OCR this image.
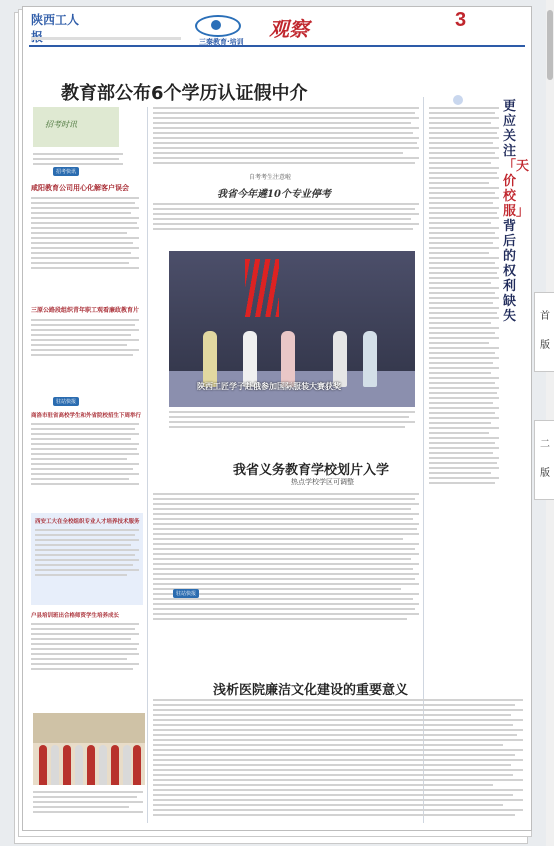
陕西工人	观察
三秦教育·培训
3
教育部公布6个学历认证假中介
招考时讯
招考快讯
咸阳教育公司用心化解客户误会
三原公路段组织青年职工观看廉政教育片
驻站快报
商洛市驻省高校学生和外省院校招生下周举行
西安工大在全校组织专业人才培养技术服务
户县培训班出合格师资学生培养成长
自考考生注意啦
我省今年遴10个专业停考
陕西工匠学子赴俄参加国际服装大赛获奖
我省义务教育学校划片入学
热点学校学区可调整
驻站快报
浅析医院廉洁文化建设的重要意义
更应关注
「天价校服」
背后的权利缺失	首
版
二
版
